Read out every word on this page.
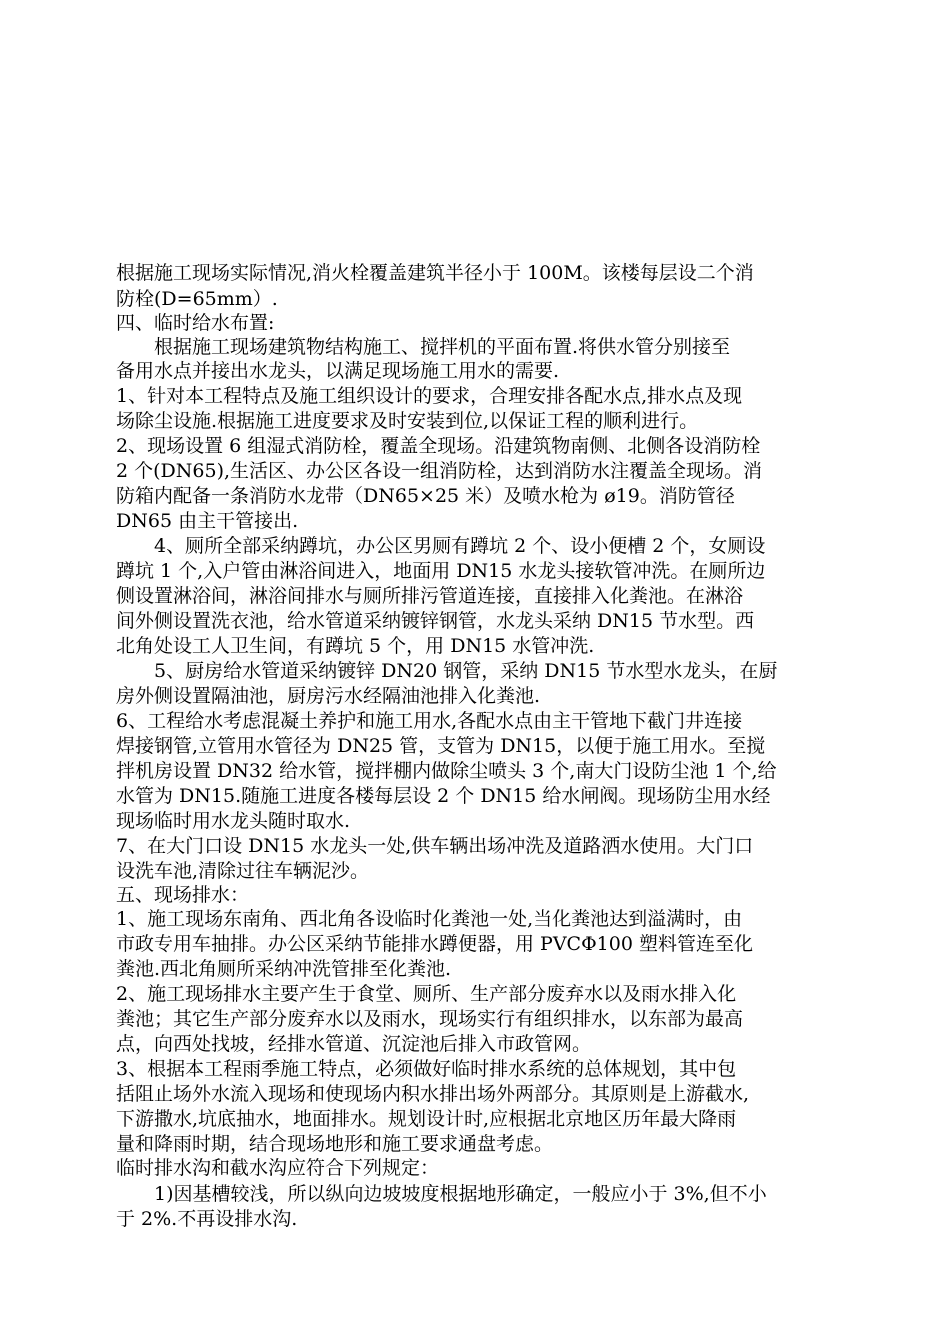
根据施工现场实际情况,消火栓覆盖建筑半径小于 100M。该楼每层设二个消
防栓(D=65mm）.
四、临时给水布置:
　　根据施工现场建筑物结构施工、搅拌机的平面布置.将供水管分别接至
备用水点并接出水龙头，以满足现场施工用水的需要.
1、针对本工程特点及施工组织设计的要求，合理安排各配水点,排水点及现
场除尘设施.根据施工进度要求及时安装到位,以保证工程的顺利进行。
2、现场设置 6 组湿式消防栓，覆盖全现场。沿建筑物南侧、北侧各设消防栓
2 个(DN65),生活区、办公区各设一组消防栓，达到消防水注覆盖全现场。消
防箱内配备一条消防水龙带（DN65×25 米）及喷水枪为 ø19。消防管径
DN65 由主干管接出.
　　4、厕所全部采纳蹲坑，办公区男厕有蹲坑 2 个、设小便槽 2 个，女厕设
蹲坑 1 个,入户管由淋浴间进入，地面用 DN15 水龙头接软管冲洗。在厕所边
侧设置淋浴间，淋浴间排水与厕所排污管道连接，直接排入化粪池。在淋浴
间外侧设置洗衣池，给水管道采纳镀锌钢管，水龙头采纳 DN15 节水型。西
北角处设工人卫生间，有蹲坑 5 个，用 DN15 水管冲洗.
　　5、厨房给水管道采纳镀锌 DN20 钢管，采纳 DN15 节水型水龙头，在厨
房外侧设置隔油池，厨房污水经隔油池排入化粪池.
6、工程给水考虑混凝土养护和施工用水,各配水点由主干管地下截门井连接
焊接钢管,立管用水管径为 DN25 管，支管为 DN15，以便于施工用水。至搅
拌机房设置 DN32 给水管，搅拌棚内做除尘喷头 3 个,南大门设防尘池 1 个,给
水管为 DN15.随施工进度各楼每层设 2 个 DN15 给水闸阀。现场防尘用水经
现场临时用水龙头随时取水.
7、在大门口设 DN15 水龙头一处,供车辆出场冲洗及道路洒水使用。大门口
设洗车池,清除过往车辆泥沙。
五、现场排水：
1、施工现场东南角、西北角各设临时化粪池一处,当化粪池达到溢满时，由
市政专用车抽排。办公区采纳节能排水蹲便器，用 PVCΦ100 塑料管连至化
粪池.西北角厕所采纳冲洗管排至化粪池.
2、施工现场排水主要产生于食堂、厕所、生产部分废弃水以及雨水排入化
粪池；其它生产部分废弃水以及雨水，现场实行有组织排水，以东部为最高
点，向西处找坡，经排水管道、沉淀池后排入市政管网。
3、根据本工程雨季施工特点，必须做好临时排水系统的总体规划，其中包
括阻止场外水流入现场和使现场内积水排出场外两部分。其原则是上游截水,
下游撒水,坑底抽水，地面排水。规划设计时,应根据北京地区历年最大降雨
量和降雨时期，结合现场地形和施工要求通盘考虑。
临时排水沟和截水沟应符合下列规定：
　　1)因基槽较浅，所以纵向边坡坡度根据地形确定，一般应小于 3%,但不小
于 2%.不再设排水沟.
